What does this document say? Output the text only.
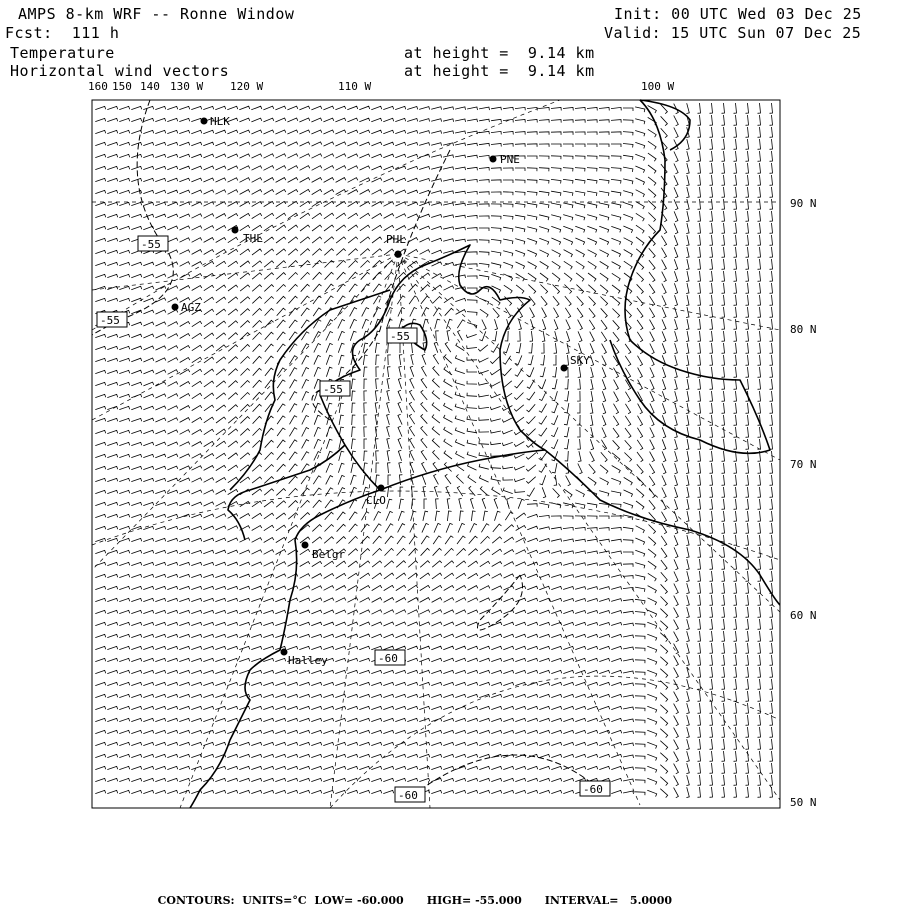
AMPS 8-km WRF -- Ronne Window
Fcst:  111 h
Temperature
Horizontal wind vectors
at height =  9.14 km
at height =  9.14 km
Init: 00 UTC Wed 03 Dec 25
Valid: 15 UTC Sun 07 Dec 25
160 150 140 130 W 120 W	110 W	100 W
90 N
80 N
70 N
60 N
50 N
HLK
PNE
THL	PHL
AGZ
SKY
CLO
Belgr
Halley
-55
-55
-55
-55
-60
-60	-60

CONTOURS: UNITS=°C LOW= -60.000 HIGH= -55.000 INTERVAL=   5.0000
